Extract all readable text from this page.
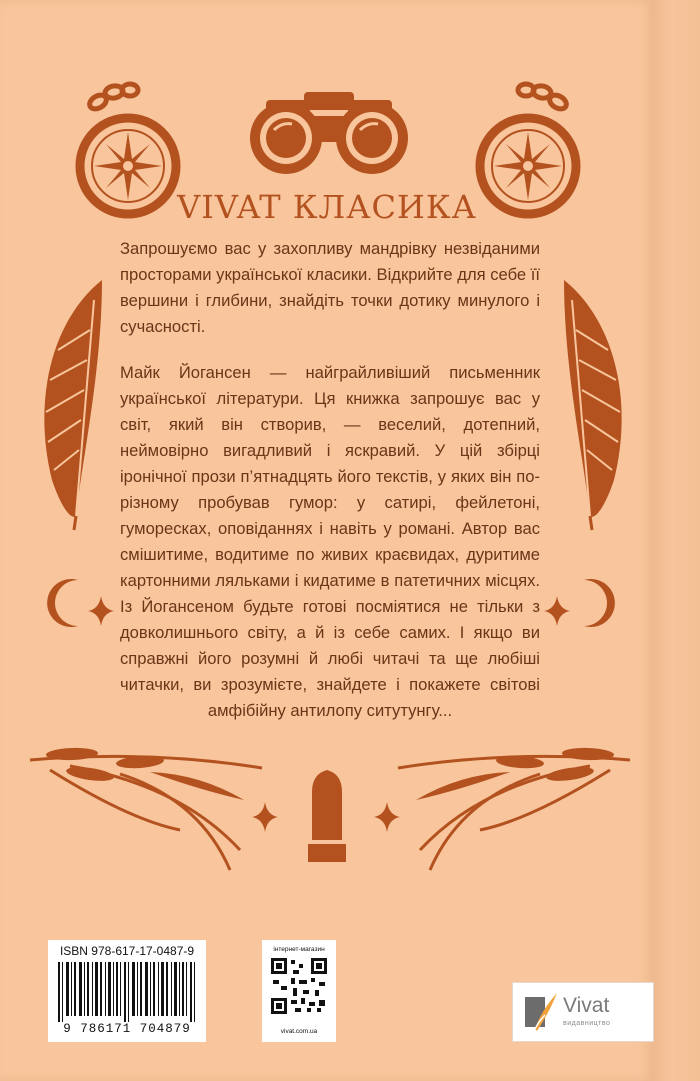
VIVAT КЛАСИКА

Запрошуємо вас у захопливу мандрівку незвіданими просторами української класики. Відкрийте для себе її вершини і глибини, знайдіть точки дотику минулого і сучасності.

Майк Йогансен — найграйливіший письменник української літератури. Ця книжка запрошує вас у світ, який він створив, — веселий, дотепний, неймовірно вигадливий і яскравий. У цій збірці іронічної прози п’ятнадцять його текстів, у яких він по-різному пробував гумор: у сатирі, фейлетоні, гуморесках, оповіданнях і навіть у романі. Автор вас смішитиме, водитиме по живих краєвидах, дуритиме картонними ляльками і кидатиме в патетичних місцях. Із Йогансеном будьте готові посміятися не тільки з довколишнього світу, а й із себе самих. І якщо ви справжні його розумні й любі читачі та ще любіші читачки, ви зрозумієте, знайдете і покажете світові амфібійну антилопу ситутунгу...

ISBN 978-617-17-0487-9
9 786171 704879
інтернет-магазин
vivat.com.ua
Vivat
видавництво
